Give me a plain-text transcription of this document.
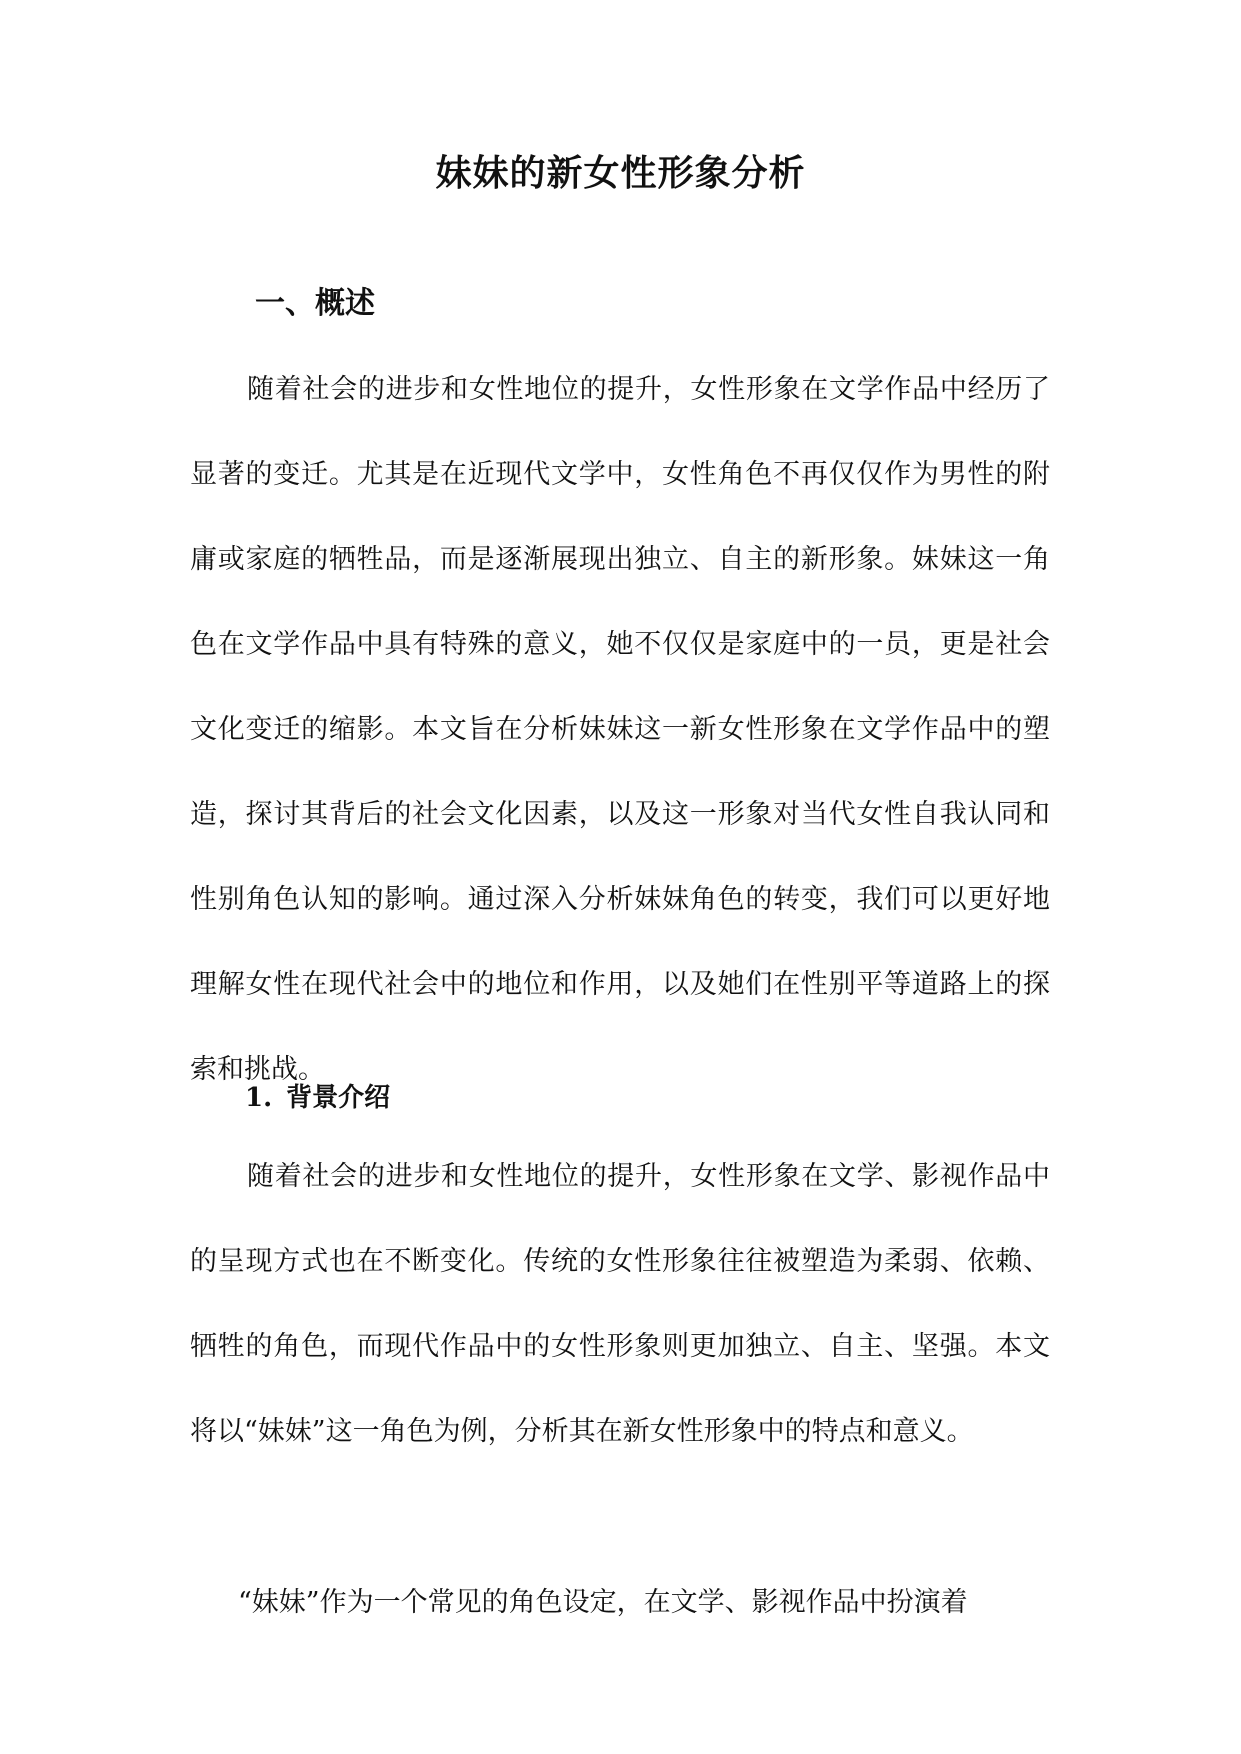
妹妹的新女性形象分析
一、概述

随着社会的进步和女性地位的提升，女性形象在文学作品中经历了显著的变迁。尤其是在近现代文学中，女性角色不再仅仅作为男性的附庸或家庭的牺牲品，而是逐渐展现出独立、自主的新形象。妹妹这一角色在文学作品中具有特殊的意义，她不仅仅是家庭中的一员，更是社会文化变迁的缩影。本文旨在分析妹妹这一新女性形象在文学作品中的塑造，探讨其背后的社会文化因素，以及这一形象对当代女性自我认同和性别角色认知的影响。通过深入分析妹妹角色的转变，我们可以更好地理解女性在现代社会中的地位和作用，以及她们在性别平等道路上的探索和挑战。

1. 背景介绍

随着社会的进步和女性地位的提升，女性形象在文学、影视作品中的呈现方式也在不断变化。传统的女性形象往往被塑造为柔弱、依赖、牺牲的角色，而现代作品中的女性形象则更加独立、自主、坚强。本文将以“妹妹”这一角色为例，分析其在新女性形象中的特点和意义。

“妹妹”作为一个常见的角色设定，在文学、影视作品中扮演着
